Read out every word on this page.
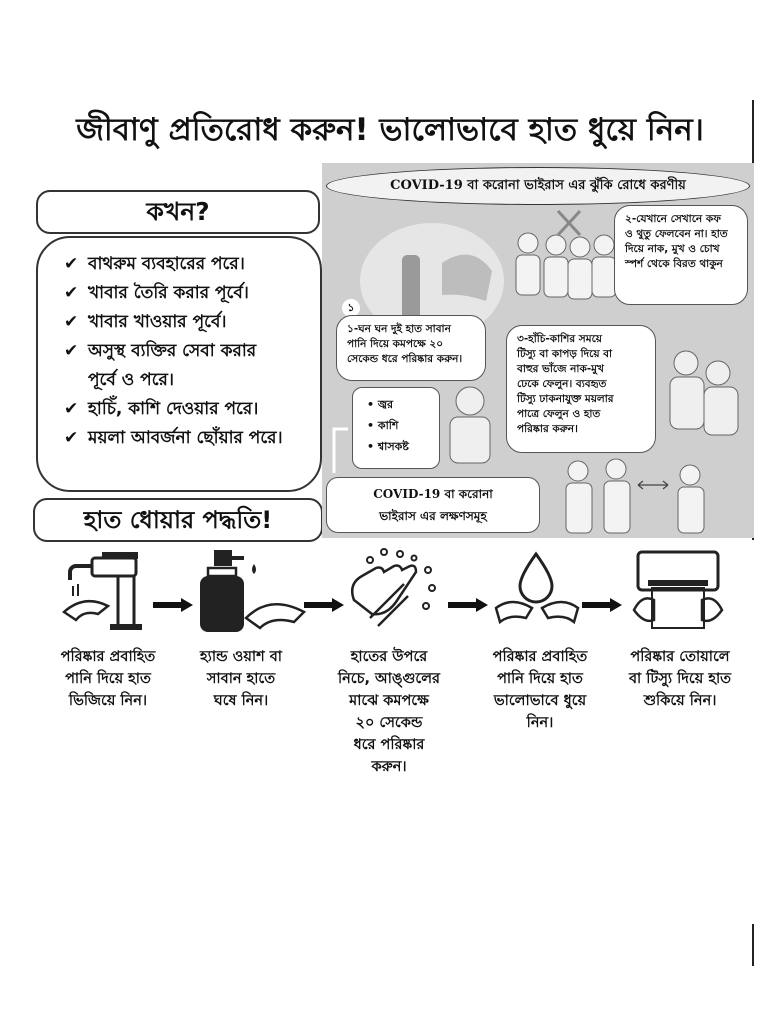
জীবাণু প্রতিরোধ করুন! ভালোভাবে হাত ধুয়ে নিন।
কখন?
✔ বাথরুম ব্যবহারের পরে।
✔ খাবার তৈরি করার পূর্বে।
✔ খাবার খাওয়ার পূর্বে।
✔ অসুস্থ ব্যক্তির সেবা করার
পূর্বে ও পরে।
✔ হাচিঁ, কাশি দেওয়ার পরে।
✔ ময়লা আবর্জনা ছোঁয়ার পরে।
হাত ধোয়ার পদ্ধতি!
COVID-19 বা করোনা ভাইরাস এর ঝুঁকি রোধে করণীয়
১
২-যেখানে সেখানে কফ
ও থুতু ফেলবেন না। হাত
দিয়ে নাক, মুখ ও চোখ
স্পর্শ থেকে বিরত থাকুন
১-ঘন ঘন দুই হাত সাবান
পানি দিয়ে কমপক্ষে ২০
সেকেন্ড ধরে পরিষ্কার করুন।
৩-হাঁচি-কাশির সময়ে
টিস্যু বা কাপড় দিয়ে বা
বাহুর ভাঁজে নাক-মুখ
ঢেকে ফেলুন। ব্যবহৃত
টিস্যু ঢাকনাযুক্ত ময়লার
পাত্রে ফেলুন ও হাত
পরিষ্কার করুন।
• জ্বর
• কাশি
• শ্বাসকষ্ট
COVID-19 বা করোনা
ভাইরাস এর লক্ষণসমূহ
পরিষ্কার প্রবাহিত
পানি দিয়ে হাত
ভিজিয়ে নিন।
হ্যান্ড ওয়াশ বা
সাবান হাতে
ঘষে নিন।
হাতের উপরে
নিচে, আঙ্গুলের
মাঝে কমপক্ষে
২০ সেকেন্ড
ধরে পরিষ্কার
করুন।
পরিষ্কার প্রবাহিত
পানি দিয়ে হাত
ভালোভাবে ধুয়ে
নিন।
পরিষ্কার তোয়ালে
বা টিস্যু দিয়ে হাত
শুকিয়ে নিন।
